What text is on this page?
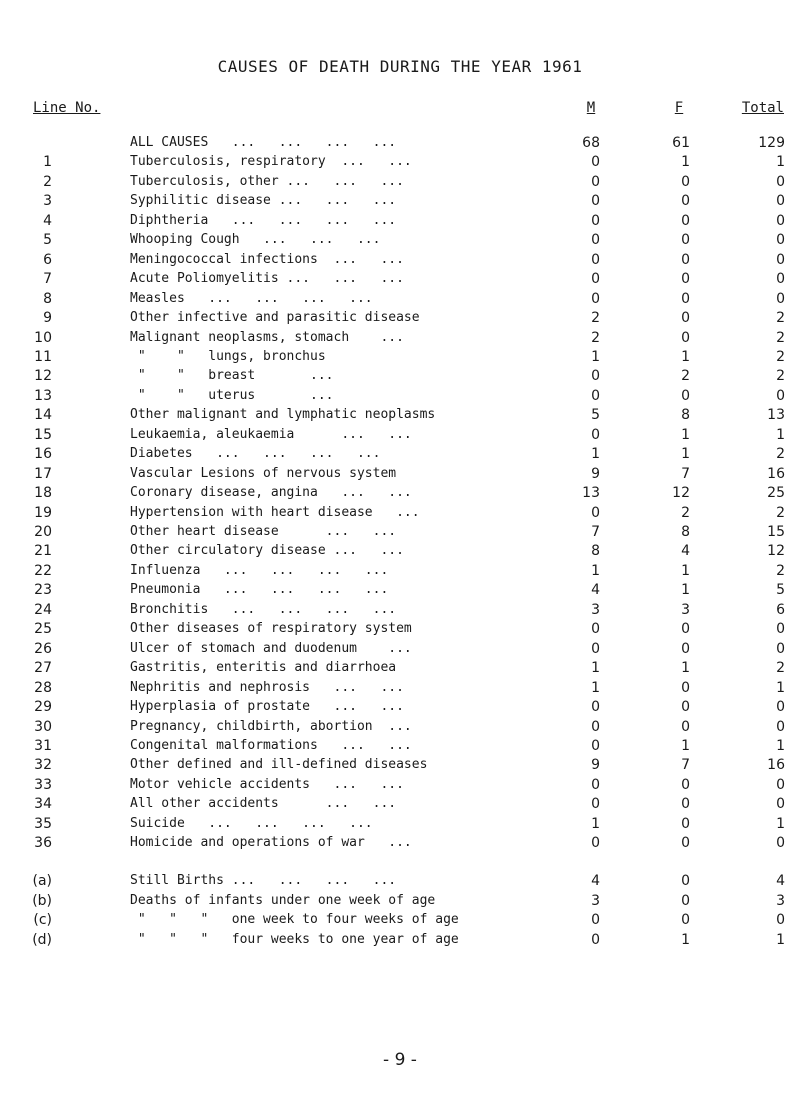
CAUSES OF DEATH DURING THE YEAR 1961
Line No.	M	F	Total
ALL CAUSES   ...   ...   ...   ...	68	61	129
1	Tuberculosis, respiratory  ...   ...	0	1	1
2	Tuberculosis, other ...   ...   ...	0	0	0
3	Syphilitic disease ...   ...   ...	0	0	0
4	Diphtheria   ...   ...   ...   ...	0	0	0
5	Whooping Cough   ...   ...   ...	0	0	0
6	Meningococcal infections  ...   ...	0	0	0
7	Acute Poliomyelitis ...   ...   ...	0	0	0
8	Measles   ...   ...   ...   ...	0	0	0
9	Other infective and parasitic disease	2	0	2
10	Malignant neoplasms, stomach    ...	2	0	2
11	"    "   lungs, bronchus	1	1	2
12	"    "   breast       ...	0	2	2
13	"    "   uterus       ...	0	0	0
14	Other malignant and lymphatic neoplasms	5	8	13
15	Leukaemia, aleukaemia      ...   ...	0	1	1
16	Diabetes   ...   ...   ...   ...	1	1	2
17	Vascular Lesions of nervous system	9	7	16
18	Coronary disease, angina   ...   ...	13	12	25
19	Hypertension with heart disease   ...	0	2	2
20	Other heart disease      ...   ...	7	8	15
21	Other circulatory disease ...   ...	8	4	12
22	Influenza   ...   ...   ...   ...	1	1	2
23	Pneumonia   ...   ...   ...   ...	4	1	5
24	Bronchitis   ...   ...   ...   ...	3	3	6
25	Other diseases of respiratory system	0	0	0
26	Ulcer of stomach and duodenum    ...	0	0	0
27	Gastritis, enteritis and diarrhoea	1	1	2
28	Nephritis and nephrosis   ...   ...	1	0	1
29	Hyperplasia of prostate   ...   ...	0	0	0
30	Pregnancy, childbirth, abortion  ...	0	0	0
31	Congenital malformations   ...   ...	0	1	1
32	Other defined and ill-defined diseases	9	7	16
33	Motor vehicle accidents   ...   ...	0	0	0
34	All other accidents      ...   ...	0	0	0
35	Suicide   ...   ...   ...   ...	1	0	1
36	Homicide and operations of war   ...	0	0	0
(a)	Still Births ...   ...   ...   ...	4	0	4
(b)	Deaths of infants under one week of age	3	0	3
(c)	"   "   "   one week to four weeks of age	0	0	0
(d)	"   "   "   four weeks to one year of age	0	1	1
- 9 -
